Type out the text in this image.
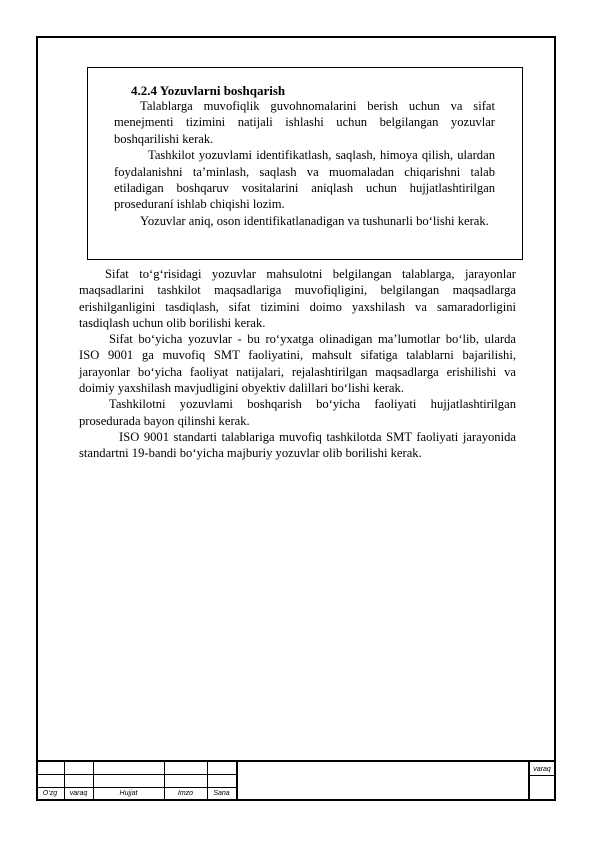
4.2.4 Yozuvlarni boshqarish

Talablarga muvofiqlik guvohnomalarini berish uchun va sifat menejmenti tizimini natijali ishlashi uchun belgilangan yozuvlar boshqarilishi kerak.

Tashkilot yozuvlami identifikatlash, saqlash, himoya qilish, ulardan foydalanishni ta’minlash, saqlash va muomaladan chiqarishni talab etiladigan boshqaruv vositalarini aniqlash uchun hujjatlashtirilgan proseduraní ishlab chiqishi lozim.

Yozuvlar aniq, oson identifikatlanadigan va tushunarli bo‘lishi kerak.

Sifat to‘g‘risidagi yozuvlar mahsulotni belgilangan talablarga, jarayonlar maqsadlarini tashkilot maqsadlariga muvofiqligini, belgilangan maqsadlarga erishilganligini tasdiqlash, sifat tizimini doimo yaxshilash va samaradorligini tasdiqlash uchun olib borilishi kerak.

Sifat bo‘yicha yozuvlar - bu ro‘yxatga olinadigan ma’lumotlar bo‘lib, ularda ISO 9001 ga muvofiq SMT faoliyatini, mahsult sifatiga talablarni bajarilishi, jarayonlar bo‘yicha faoliyat natijalari, rejalashtirilgan maqsadlarga erishilishi va doimiy yaxshilash mavjudligini obyektiv dalillari bo‘lishi kerak.

Tashkilotni yozuvlami boshqarish bo‘yicha faoliyati hujjatlashtirilgan prosedurada bayon qilinshi kerak.

ISO 9001 standarti talablariga muvofiq tashkilotda SMT faoliyati jarayonida standartni 19-bandi bo‘yicha majburiy yozuvlar olib borilishi kerak.

O‘zg	varaq	Hujjat	Imzo	Sana
varaq
